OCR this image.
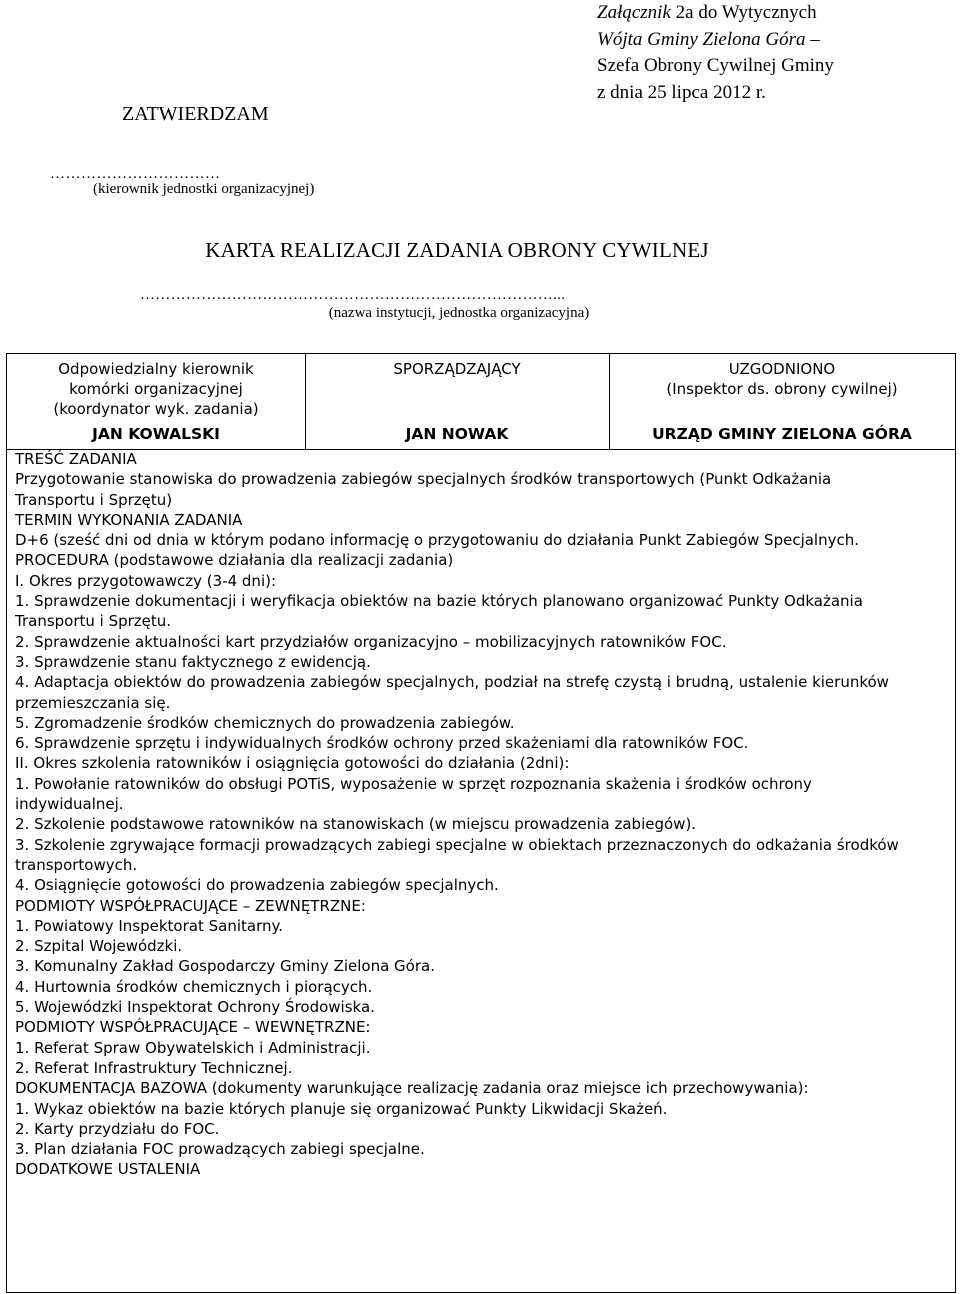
Załącznik 2a do Wytycznych
Wójta Gminy Zielona Góra –
Szefa Obrony Cywilnej Gminy
z dnia 25 lipca 2012 r.
ZATWIERDZAM
……………………………
(kierownik jednostki organizacyjnej)
KARTA REALIZACJI ZADANIA OBRONY CYWILNEJ
………………………………………………………………………...
(nazwa instytucji, jednostka organizacyjna)
Odpowiedzialny kierownik
komórki organizacyjnej
(koordynator wyk. zadania)
JAN KOWALSKI
SPORZĄDZAJĄCY
JAN NOWAK
UZGODNIONO
(Inspektor ds. obrony cywilnej)
URZĄD GMINY ZIELONA GÓRA
TREŚĆ ZADANIA
Przygotowanie stanowiska do prowadzenia zabiegów specjalnych środków transportowych (Punkt Odkażania
Transportu i Sprzętu)
TERMIN WYKONANIA ZADANIA
D+6 (sześć dni od dnia w którym podano informację o przygotowaniu do działania Punkt Zabiegów Specjalnych.
PROCEDURA (podstawowe działania dla realizacji zadania)
I. Okres przygotowawczy (3-4 dni):
1. Sprawdzenie dokumentacji i weryfikacja obiektów na bazie których planowano organizować Punkty Odkażania
Transportu i Sprzętu.
2. Sprawdzenie aktualności kart przydziałów organizacyjno – mobilizacyjnych ratowników FOC.
3. Sprawdzenie stanu faktycznego z ewidencją.
4. Adaptacja obiektów do prowadzenia zabiegów specjalnych, podział na strefę czystą i brudną, ustalenie kierunków
przemieszczania się.
5. Zgromadzenie środków chemicznych do prowadzenia zabiegów.
6. Sprawdzenie sprzętu i indywidualnych środków ochrony przed skażeniami dla ratowników FOC.
II. Okres szkolenia ratowników i osiągnięcia gotowości do działania (2dni):
1. Powołanie ratowników do obsługi POTiS, wyposażenie w sprzęt rozpoznania skażenia i środków ochrony
indywidualnej.
2. Szkolenie podstawowe ratowników na stanowiskach (w miejscu prowadzenia zabiegów).
3. Szkolenie zgrywające formacji prowadzących zabiegi specjalne w obiektach przeznaczonych do odkażania środków
transportowych.
4. Osiągnięcie gotowości do prowadzenia zabiegów specjalnych.
PODMIOTY WSPÓŁPRACUJĄCE – ZEWNĘTRZNE:
1. Powiatowy Inspektorat Sanitarny.
2. Szpital Wojewódzki.
3. Komunalny Zakład Gospodarczy Gminy Zielona Góra.
4. Hurtownia środków chemicznych i piorących.
5. Wojewódzki Inspektorat Ochrony Środowiska.
PODMIOTY WSPÓŁPRACUJĄCE – WEWNĘTRZNE:
1. Referat Spraw Obywatelskich i Administracji.
2. Referat Infrastruktury Technicznej.
DOKUMENTACJA BAZOWA (dokumenty warunkujące realizację zadania oraz miejsce ich przechowywania):
1. Wykaz obiektów na bazie których planuje się organizować Punkty Likwidacji Skażeń.
2. Karty przydziału do FOC.
3. Plan działania FOC prowadzących zabiegi specjalne.
DODATKOWE USTALENIA
